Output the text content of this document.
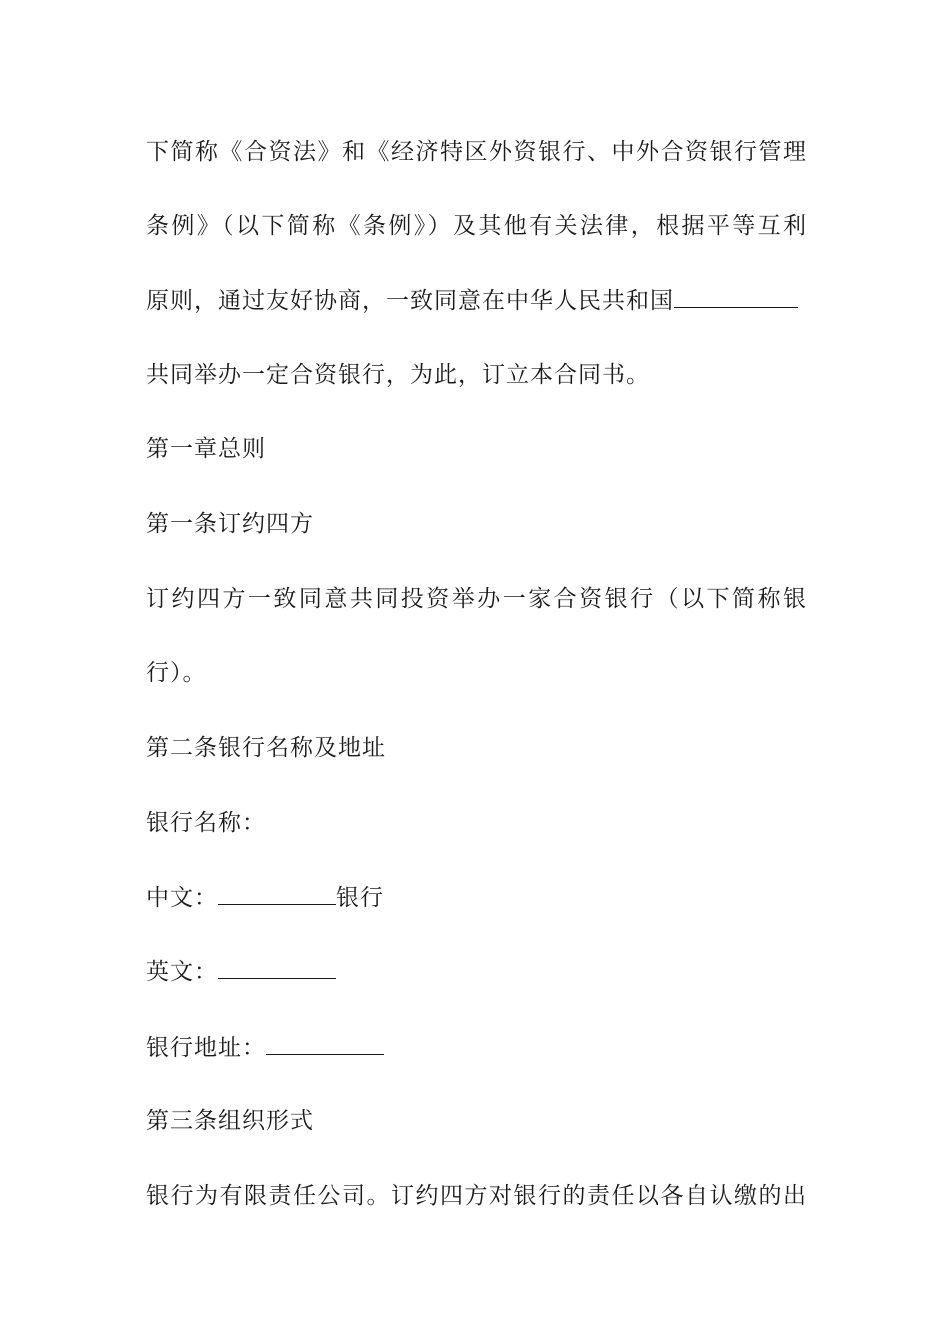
下简称《合资法》和《经济特区外资银行、中外合资银行管理
条例》（以下简称《条例》）及其他有关法律，根据平等互利
原则，通过友好协商，一致同意在中华人民共和国
共同举办一定合资银行，为此，订立本合同书。
第一章总则
第一条订约四方
订约四方一致同意共同投资举办一家合资银行（以下简称银
行）。
第二条银行名称及地址
银行名称：
中文：	银行
英文：
银行地址：
第三条组织形式
银行为有限责任公司。订约四方对银行的责任以各自认缴的出
